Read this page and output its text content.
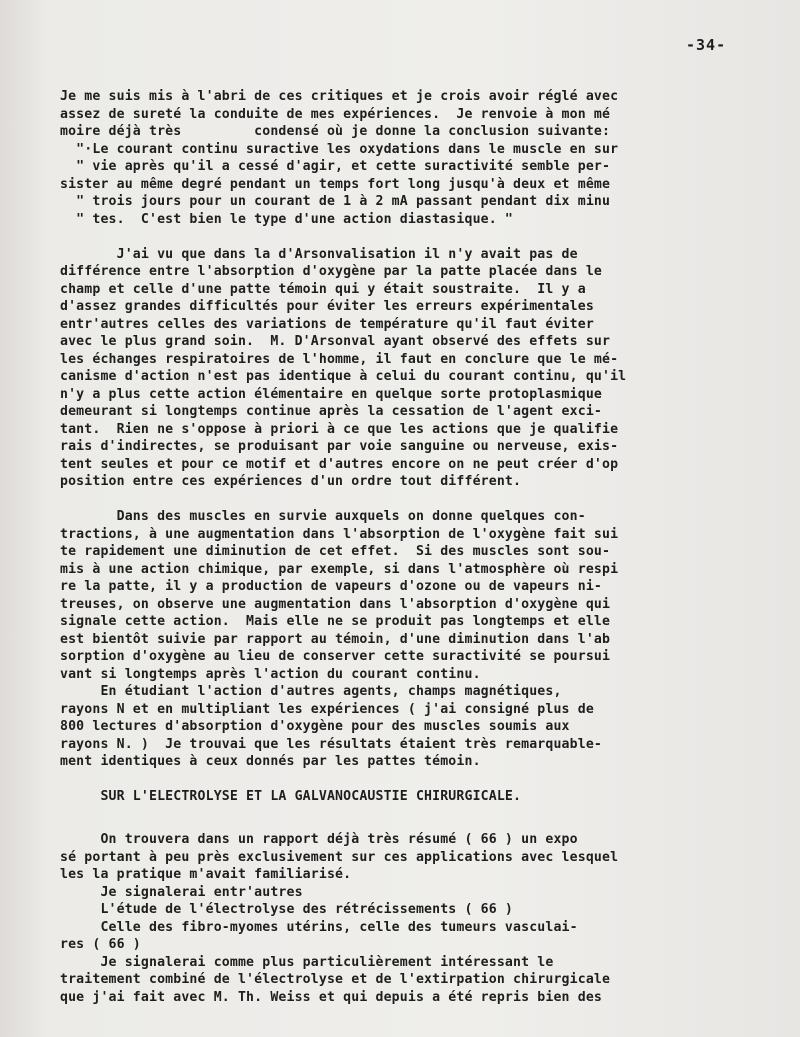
-34-
Je me suis mis à l'abri de ces critiques et je crois avoir réglé avec
assez de sureté la conduite de mes expériences.  Je renvoie à mon mé
moire déjà très         condensé où je donne la conclusion suivante:
"·Le courant continu suractive les oxydations dans le muscle en sur
" vie après qu'il a cessé d'agir, et cette suractivité semble per-
sister au même degré pendant un temps fort long jusqu'à deux et même
" trois jours pour un courant de 1 à 2 mA passant pendant dix minu
" tes.  C'est bien le type d'une action diastasique. "
J'ai vu que dans la d'Arsonvalisation il n'y avait pas de
différence entre l'absorption d'oxygène par la patte placée dans le
champ et celle d'une patte témoin qui y était soustraite.  Il y a
d'assez grandes difficultés pour éviter les erreurs expérimentales
entr'autres celles des variations de température qu'il faut éviter
avec le plus grand soin.  M. D'Arsonval ayant observé des effets sur
les échanges respiratoires de l'homme, il faut en conclure que le mé-
canisme d'action n'est pas identique à celui du courant continu, qu'il
n'y a plus cette action élémentaire en quelque sorte protoplasmique
demeurant si longtemps continue après la cessation de l'agent exci-
tant.  Rien ne s'oppose à priori à ce que les actions que je qualifie
rais d'indirectes, se produisant par voie sanguine ou nerveuse, exis-
tent seules et pour ce motif et d'autres encore on ne peut créer d'op
position entre ces expériences d'un ordre tout différent.
Dans des muscles en survie auxquels on donne quelques con-
tractions, à une augmentation dans l'absorption de l'oxygène fait sui
te rapidement une diminution de cet effet.  Si des muscles sont sou-
mis à une action chimique, par exemple, si dans l'atmosphère où respi
re la patte, il y a production de vapeurs d'ozone ou de vapeurs ni-
treuses, on observe une augmentation dans l'absorption d'oxygène qui
signale cette action.  Mais elle ne se produit pas longtemps et elle
est bientôt suivie par rapport au témoin, d'une diminution dans l'ab
sorption d'oxygène au lieu de conserver cette suractivité se poursui
vant si longtemps après l'action du courant continu.
En étudiant l'action d'autres agents, champs magnétiques,
rayons N et en multipliant les expériences ( j'ai consigné plus de
800 lectures d'absorption d'oxygène pour des muscles soumis aux
rayons N. )  Je trouvai que les résultats étaient très remarquable-
ment identiques à ceux donnés par les pattes témoin.
SUR L'ELECTROLYSE ET LA GALVANOCAUSTIE CHIRURGICALE.
On trouvera dans un rapport déjà très résumé ( 66 ) un expo
sé portant à peu près exclusivement sur ces applications avec lesquel
les la pratique m'avait familiarisé.
Je signalerai entr'autres
L'étude de l'électrolyse des rétrécissements ( 66 )
Celle des fibro-myomes utérins, celle des tumeurs vasculai-
res ( 66 )
Je signalerai comme plus particulièrement intéressant le
traitement combiné de l'électrolyse et de l'extirpation chirurgicale
que j'ai fait avec M. Th. Weiss et qui depuis a été repris bien des
